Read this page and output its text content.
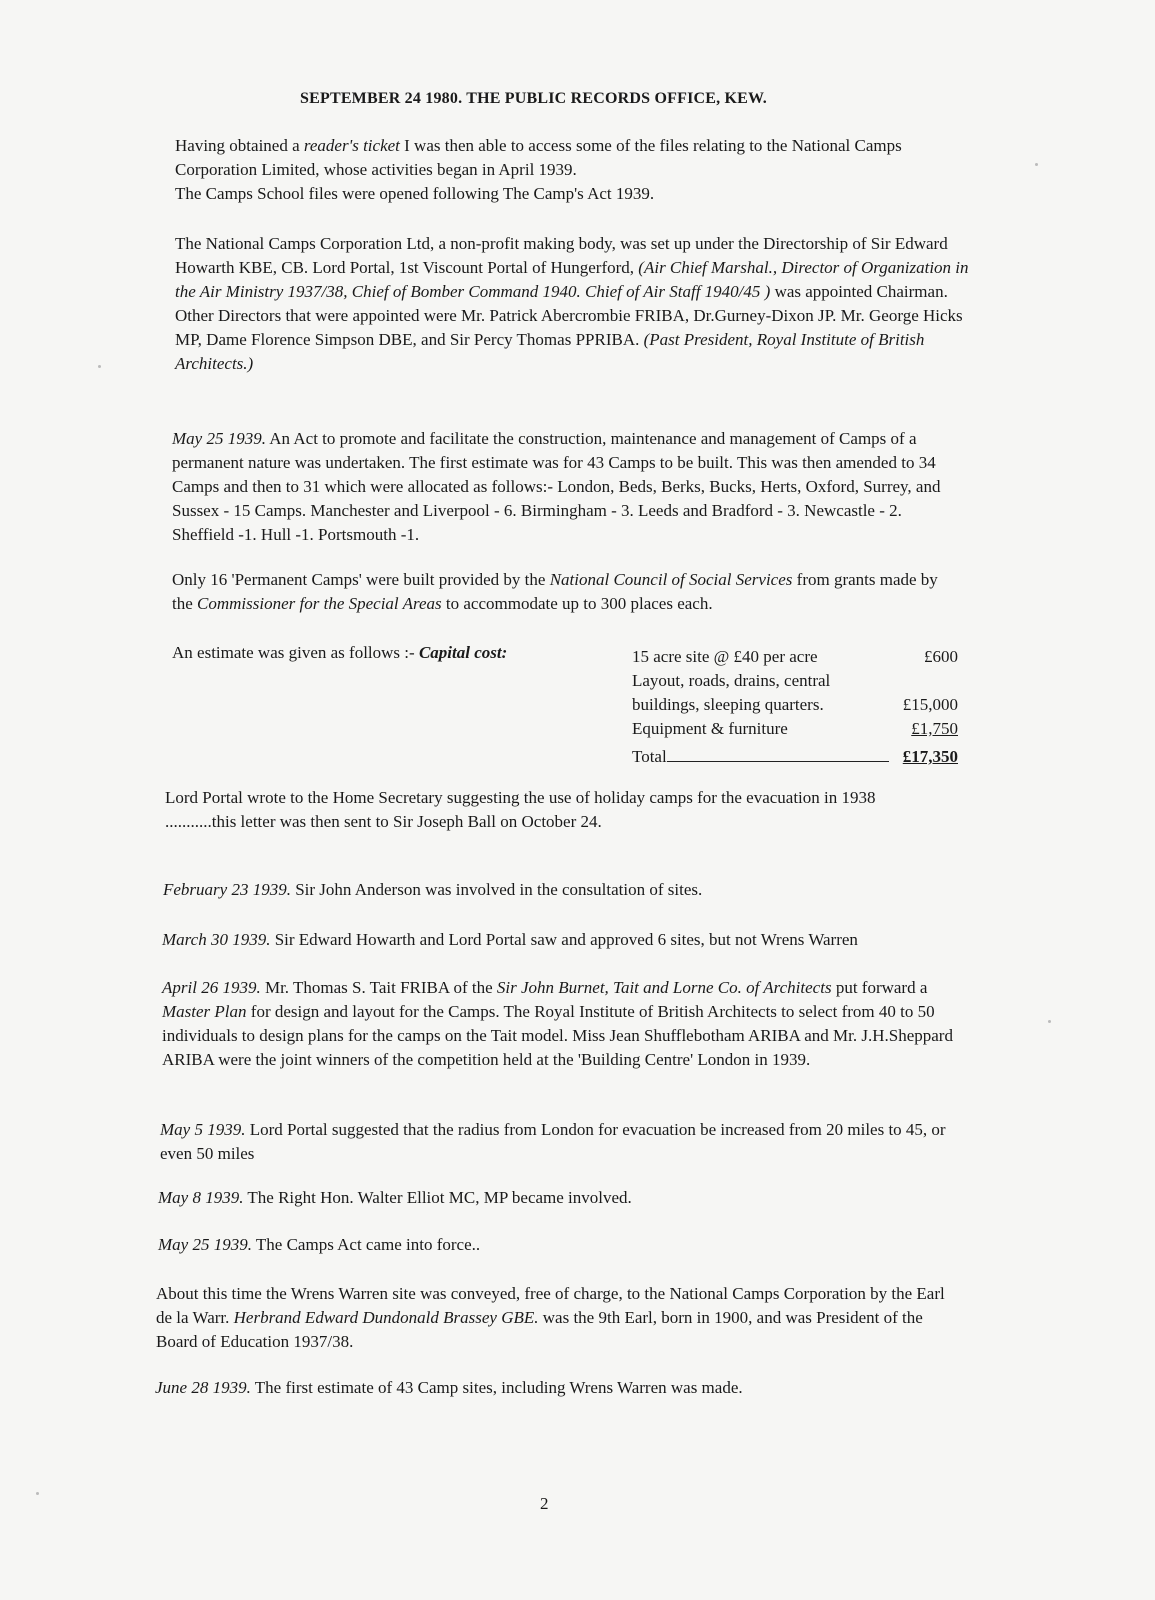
SEPTEMBER 24 1980. THE PUBLIC RECORDS OFFICE, KEW.

Having obtained a reader's ticket I was then able to access some of the files relating to the National Camps Corporation Limited, whose activities began in April 1939.

The Camps School files were opened following The Camp's Act 1939.

The National Camps Corporation Ltd, a non-profit making body, was set up under the Directorship of Sir Edward Howarth KBE, CB. Lord Portal, 1st Viscount Portal of Hungerford, (Air Chief Marshal., Director of Organization in the Air Ministry 1937/38, Chief of Bomber Command 1940. Chief of Air Staff 1940/45 ) was appointed Chairman. Other Directors that were appointed were Mr. Patrick Abercrombie FRIBA, Dr.Gurney-Dixon JP. Mr. George Hicks MP, Dame Florence Simpson DBE, and Sir Percy Thomas PPRIBA. (Past President, Royal Institute of British Architects.)

May 25 1939. An Act to promote and facilitate the construction, maintenance and management of Camps of a permanent nature was undertaken. The first estimate was for 43 Camps to be built. This was then amended to 34 Camps and then to 31 which were allocated as follows:- London, Beds, Berks, Bucks, Herts, Oxford, Surrey, and Sussex - 15 Camps. Manchester and Liverpool - 6. Birmingham - 3. Leeds and Bradford - 3. Newcastle - 2. Sheffield -1. Hull -1. Portsmouth -1.

Only 16 'Permanent Camps' were built provided by the National Council of Social Services from grants made by the Commissioner for the Special Areas to accommodate up to 300 places each.

An estimate was given as follows :- Capital cost:	15 acre site @ £40 per acre	£600
Layout, roads, drains, central
buildings, sleeping quarters.	£15,000
Equipment & furniture	£1,750
Total	£17,350

Lord Portal wrote to the Home Secretary suggesting the use of holiday camps for the evacuation in 1938

...........this letter was then sent to Sir Joseph Ball on October 24.

February 23 1939. Sir John Anderson was involved in the consultation of sites.

March 30 1939. Sir Edward Howarth and Lord Portal saw and approved 6 sites, but not Wrens Warren

April 26 1939. Mr. Thomas S. Tait FRIBA of the Sir John Burnet, Tait and Lorne Co. of Architects put forward a Master Plan for design and layout for the Camps. The Royal Institute of British Architects to select from 40 to 50 individuals to design plans for the camps on the Tait model. Miss Jean Shufflebotham ARIBA and Mr. J.H.Sheppard ARIBA were the joint winners of the competition held at the 'Building Centre' London in 1939.

May 5 1939. Lord Portal suggested that the radius from London for evacuation be increased from 20 miles to 45, or even 50 miles

May 8 1939. The Right Hon. Walter Elliot MC, MP became involved.

May 25 1939. The Camps Act came into force..

About this time the Wrens Warren site was conveyed, free of charge, to the National Camps Corporation by the Earl de la Warr. Herbrand Edward Dundonald Brassey GBE. was the 9th Earl, born in 1900, and was President of the Board of Education 1937/38.

June 28 1939. The first estimate of 43 Camp sites, including Wrens Warren was made.

2
